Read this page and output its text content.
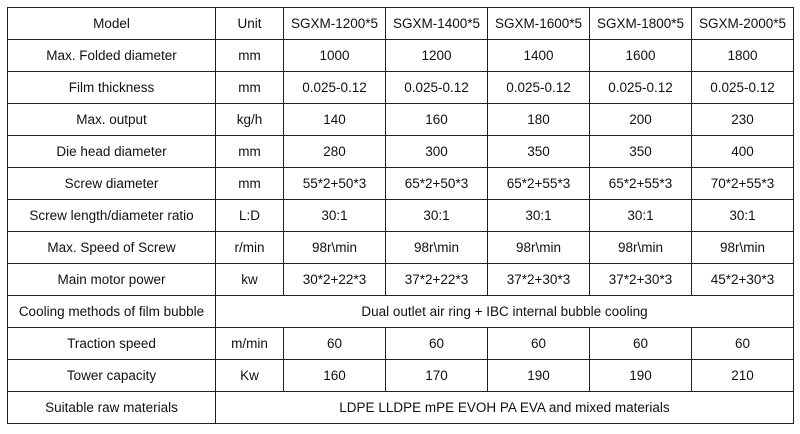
Model	Unit	SGXM-1200*5	SGXM-1400*5	SGXM-1600*5	SGXM-1800*5	SGXM-2000*5
Max. Folded diameter	mm	1000	1200	1400	1600	1800
Film thickness	mm	0.025-0.12	0.025-0.12	0.025-0.12	0.025-0.12	0.025-0.12
Max. output	kg/h	140	160	180	200	230
Die head diameter	mm	280	300	350	350	400
Screw diameter	mm	55*2+50*3	65*2+50*3	65*2+55*3	65*2+55*3	70*2+55*3
Screw length/diameter ratio	L:D	30:1	30:1	30:1	30:1	30:1
Max. Speed of Screw	r/min	98r\min	98r\min	98r\min	98r\min	98r\min
Main motor power	kw	30*2+22*3	37*2+22*3	37*2+30*3	37*2+30*3	45*2+30*3
Cooling methods of film bubble	Dual outlet air ring + IBC internal bubble cooling					
Traction speed	m/min	60	60	60	60	60
Tower capacity	Kw	160	170	190	190	210
Suitable raw materials	LDPE LLDPE mPE EVOH PA EVA and mixed materials					
